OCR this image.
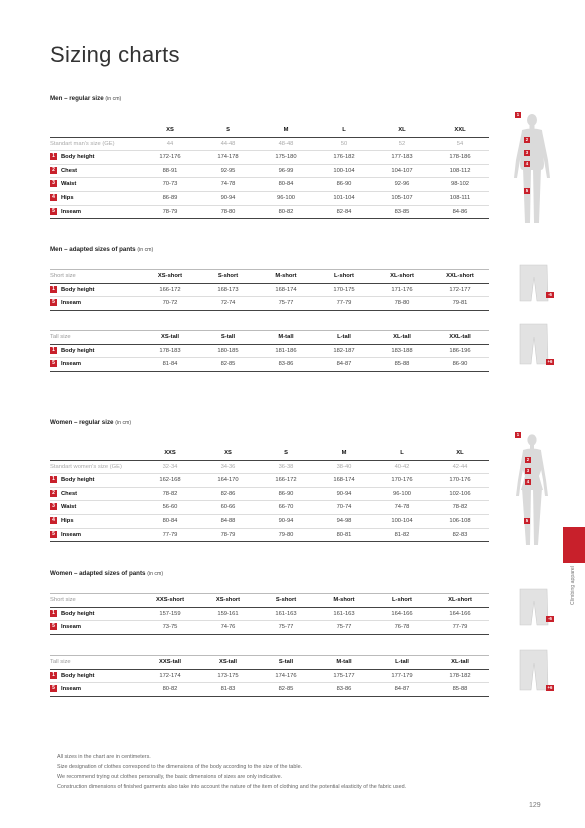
Sizing charts
Men – regular size (in cm)
	XS	S	M	L	XL	XXL
Standart man's size (GE)	44	44-48	48-48	50	52	54
1 Body height	172-176	174-178	175-180	176-182	177-183	178-186
2 Chest	88-91	92-95	96-99	100-104	104-107	108-112
3 Waist	70-73	74-78	80-84	86-90	92-96	98-102
4 Hips	86-89	90-94	96-100	101-104	105-107	108-111
5 Inseam	78-79	78-80	80-82	82-84	83-85	84-86
Men – adapted sizes of pants (in cm)
Short size	XS-short	S-short	M-short	L-short	XL-short	XXL-short
1 Body height	166-172	168-173	168-174	170-175	171-176	172-177
5 Inseam	70-72	72-74	75-77	77-79	78-80	79-81
Tall size	XS-tall	S-tall	M-tall	L-tall	XL-tall	XXL-tall
1 Body height	178-183	180-185	181-186	182-187	183-188	186-196
5 Inseam	81-84	82-85	83-86	84-87	85-88	86-90
Women – regular size (in cm)
	XXS	XS	S	M	L	XL
Standart women's size (GE)	32-34	34-36	36-38	38-40	40-42	42-44
1 Body height	162-168	164-170	166-172	168-174	170-176	170-176
2 Chest	78-82	82-86	86-90	90-94	96-100	102-106
3 Waist	56-60	60-66	66-70	70-74	74-78	78-82
4 Hips	80-84	84-88	90-94	94-98	100-104	106-108
5 Inseam	77-79	78-79	79-80	80-81	81-82	82-83
Women – adapted sizes of pants (in cm)
Short size	XXS-short	XS-short	S-short	M-short	L-short	XL-short
1 Body height	157-159	159-161	161-163	161-163	164-166	164-166
5 Inseam	73-75	74-76	75-77	75-77	76-78	77-79
Tall size	XXS-tall	XS-tall	S-tall	M-tall	L-tall	XL-tall
1 Body height	172-174	173-175	174-176	175-177	177-179	178-182
5 Inseam	80-82	81-83	82-85	83-86	84-87	85-88
1
2
3
4
5
-6
+6
1
2
3
4
5
-6
+6
Climbing apparel
All sizes in the chart are in centimeters.
Size designation of clothes correspond to the dimensions of the body according to the size of the table.
We recommend trying out clothes personally, the basic dimensions of sizes are only indicative.
Construction dimensions of finished garments also take into account the nature of the item of clothing and the potential elasticity of the fabric used.
129
